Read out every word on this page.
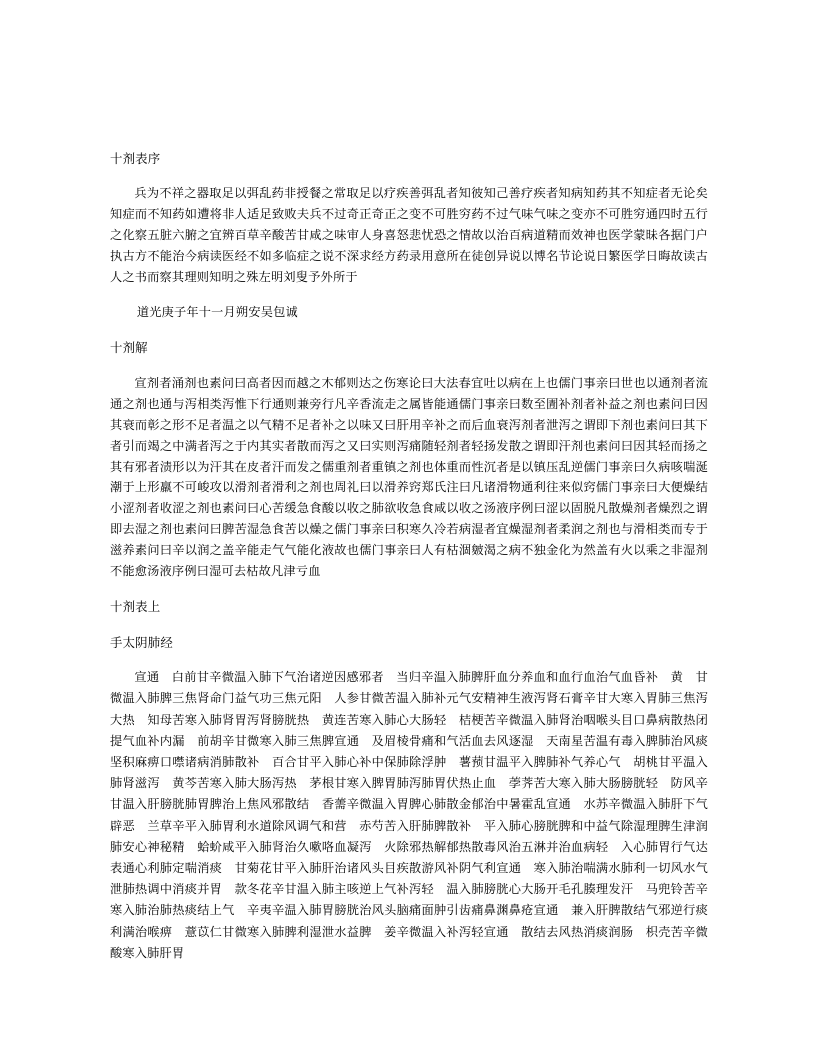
十剂表序
兵为不祥之器取足以弭乱药非授餐之常取足以疗疾善弭乱者知彼知己善疗疾者知病知药其不知症者无论矣知症而不知药如遭将非人适足致败夫兵不过奇正奇正之变不可胜穷药不过气味气味之变亦不可胜穷通四时五行之化察五脏六腑之宜辨百草辛酸苦甘咸之味审人身喜怒悲忧恐之情故以治百病道精而效神也医学蒙昧各据门户执古方不能治今病读医经不如多临症之说不深求经方药录用意所在徒创异说以博名节论说日繁医学日晦故读古人之书而察其理则知明之殊左明刘叟予外所于
道光庚子年十一月朔安吴包诚
十剂解
宣剂者涌剂也素问曰高者因而越之木郁则达之伤寒论曰大法春宜吐以病在上也儒门事亲曰世也以通剂者流通之剂也通与泻相类泻惟下行通则兼旁行凡辛香流走之属皆能通儒门事亲曰数至圊补剂者补益之剂也素问曰因其衰而彰之形不足者温之以气精不足者补之以味又曰肝用辛补之而后血衰泻剂者泄泻之谓即下剂也素问曰其下者引而竭之中满者泻之于内其实者散而泻之又曰实则泻痛随轻剂者轻扬发散之谓即汗剂也素问曰因其轻而扬之其有邪者渍形以为汗其在皮者汗而发之儒重剂者重镇之剂也体重而性沉者是以镇压乱逆儒门事亲曰久病咳喘涎潮于上形羸不可峻攻以滑剂者滑利之剂也周礼曰以滑养窍郑氏注曰凡诸滑物通利往来似窍儒门事亲曰大便燥结小涩剂者收涩之剂也素问曰心苦缓急食酸以收之肺欲收急食咸以收之汤液序例曰涩以固脱凡散燥剂者燥烈之谓即去湿之剂也素问曰脾苦湿急食苦以燥之儒门事亲曰积寒久冷若病湿者宜燥湿剂者柔润之剂也与滑相类而专于滋养素问曰辛以润之盖辛能走气气能化液故也儒门事亲曰人有枯涸皴渴之病不独金化为然盖有火以乘之非湿剂不能愈汤液序例曰湿可去枯故凡津亏血
十剂表上
手太阴肺经
宣通　白前甘辛微温入肺下气治诸逆因感邪者　当归辛温入肺脾肝血分养血和血行血治气血昏补　黄　甘微温入肺脾三焦肾命门益气功三焦元阳　人参甘微苦温入肺补元气安精神生液泻肾石膏辛甘大寒入胃肺三焦泻大热　知母苦寒入肺肾胃泻肾膀胱热　黄连苦寒入肺心大肠轻　桔梗苦辛微温入肺肾治咽喉头目口鼻病散热闭提气血补内漏　前胡辛甘微寒入肺三焦脾宣通　及眉棱骨痛和气活血去风逐湿　天南星苦温有毒入脾肺治风痰坚积麻痹口噤诸病消肺散补　百合甘平入肺心补中保肺除浮肿　薯蓣甘温平入脾肺补气养心气　胡桃甘平温入肺肾滋泻　黄芩苦寒入肺大肠泻热　茅根甘寒入脾胃肺泻肺胃伏热止血　荸荠苦大寒入肺大肠膀胱轻　防风辛甘温入肝膀胱肺胃脾治上焦风邪散结　香薷辛微温入胃脾心肺散金郁治中暑霍乱宣通　水苏辛微温入肺肝下气辟恶　兰草辛平入肺胃利水道除风调气和营　赤芍苦入肝肺脾散补　平入肺心膀胱脾和中益气除湿理脾生津润肺安心神秘精　蛤蚧咸平入肺肾治久嗽咯血凝泻　火除邪热解郁热散毒风治五淋并治血病轻　入心肺胃行气达表通心利肺定喘消痰　甘菊花甘平入肺肝治诸风头目疾散游风补阴气利宣通　寒入肺治喘满水肺利一切风水气泄肺热调中消痰并胃　款冬花辛甘温入肺主咳逆上气补泻轻　温入肺膀胱心大肠开毛孔腠理发汗　马兜铃苦辛寒入肺治肺热痰结上气　辛夷辛温入肺胃膀胱治风头脑痛面肿引齿痛鼻渊鼻疮宣通　兼入肝脾散结气邪逆行痰利满治喉痹　薏苡仁甘微寒入肺脾利湿泄水益脾　姜辛微温入补泻轻宣通　散结去风热消痰润肠　枳壳苦辛微酸寒入肺肝胃
